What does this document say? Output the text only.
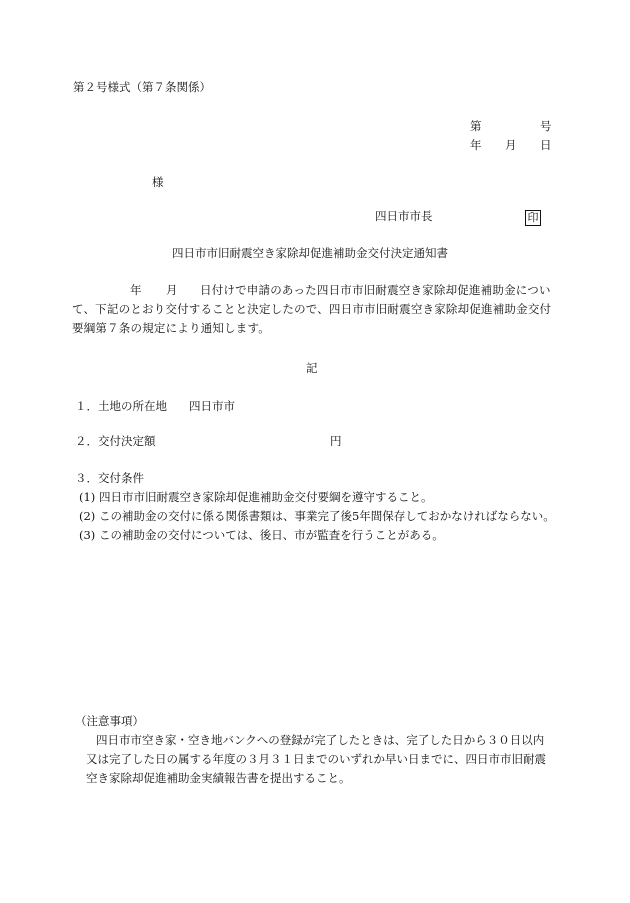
第２号様式（第７条関係）
第	号
年 月 日
様
四日市市長	印
四日市市旧耐震空き家除却促進補助金交付決定通知書
年 月 日付けで申請のあった四日市市旧耐震空き家除却促進補助金につい
て、下記のとおり交付することと決定したので、四日市市旧耐震空き家除却促進補助金交付
要綱第７条の規定により通知します。
記
１．土地の所在地 四日市市
２．交付決定額	円
３．交付条件
(1) 四日市市旧耐震空き家除却促進補助金交付要綱を遵守すること。
(2) この補助金の交付に係る関係書類は、事業完了後5年間保存しておかなければならない。
(3) この補助金の交付については、後日、市が監査を行うことがある。
（注意事項）
四日市市空き家・空き地バンクへの登録が完了したときは、完了した日から３０日以内
又は完了した日の属する年度の３月３１日までのいずれか早い日までに、四日市市旧耐震
空き家除却促進補助金実績報告書を提出すること。
